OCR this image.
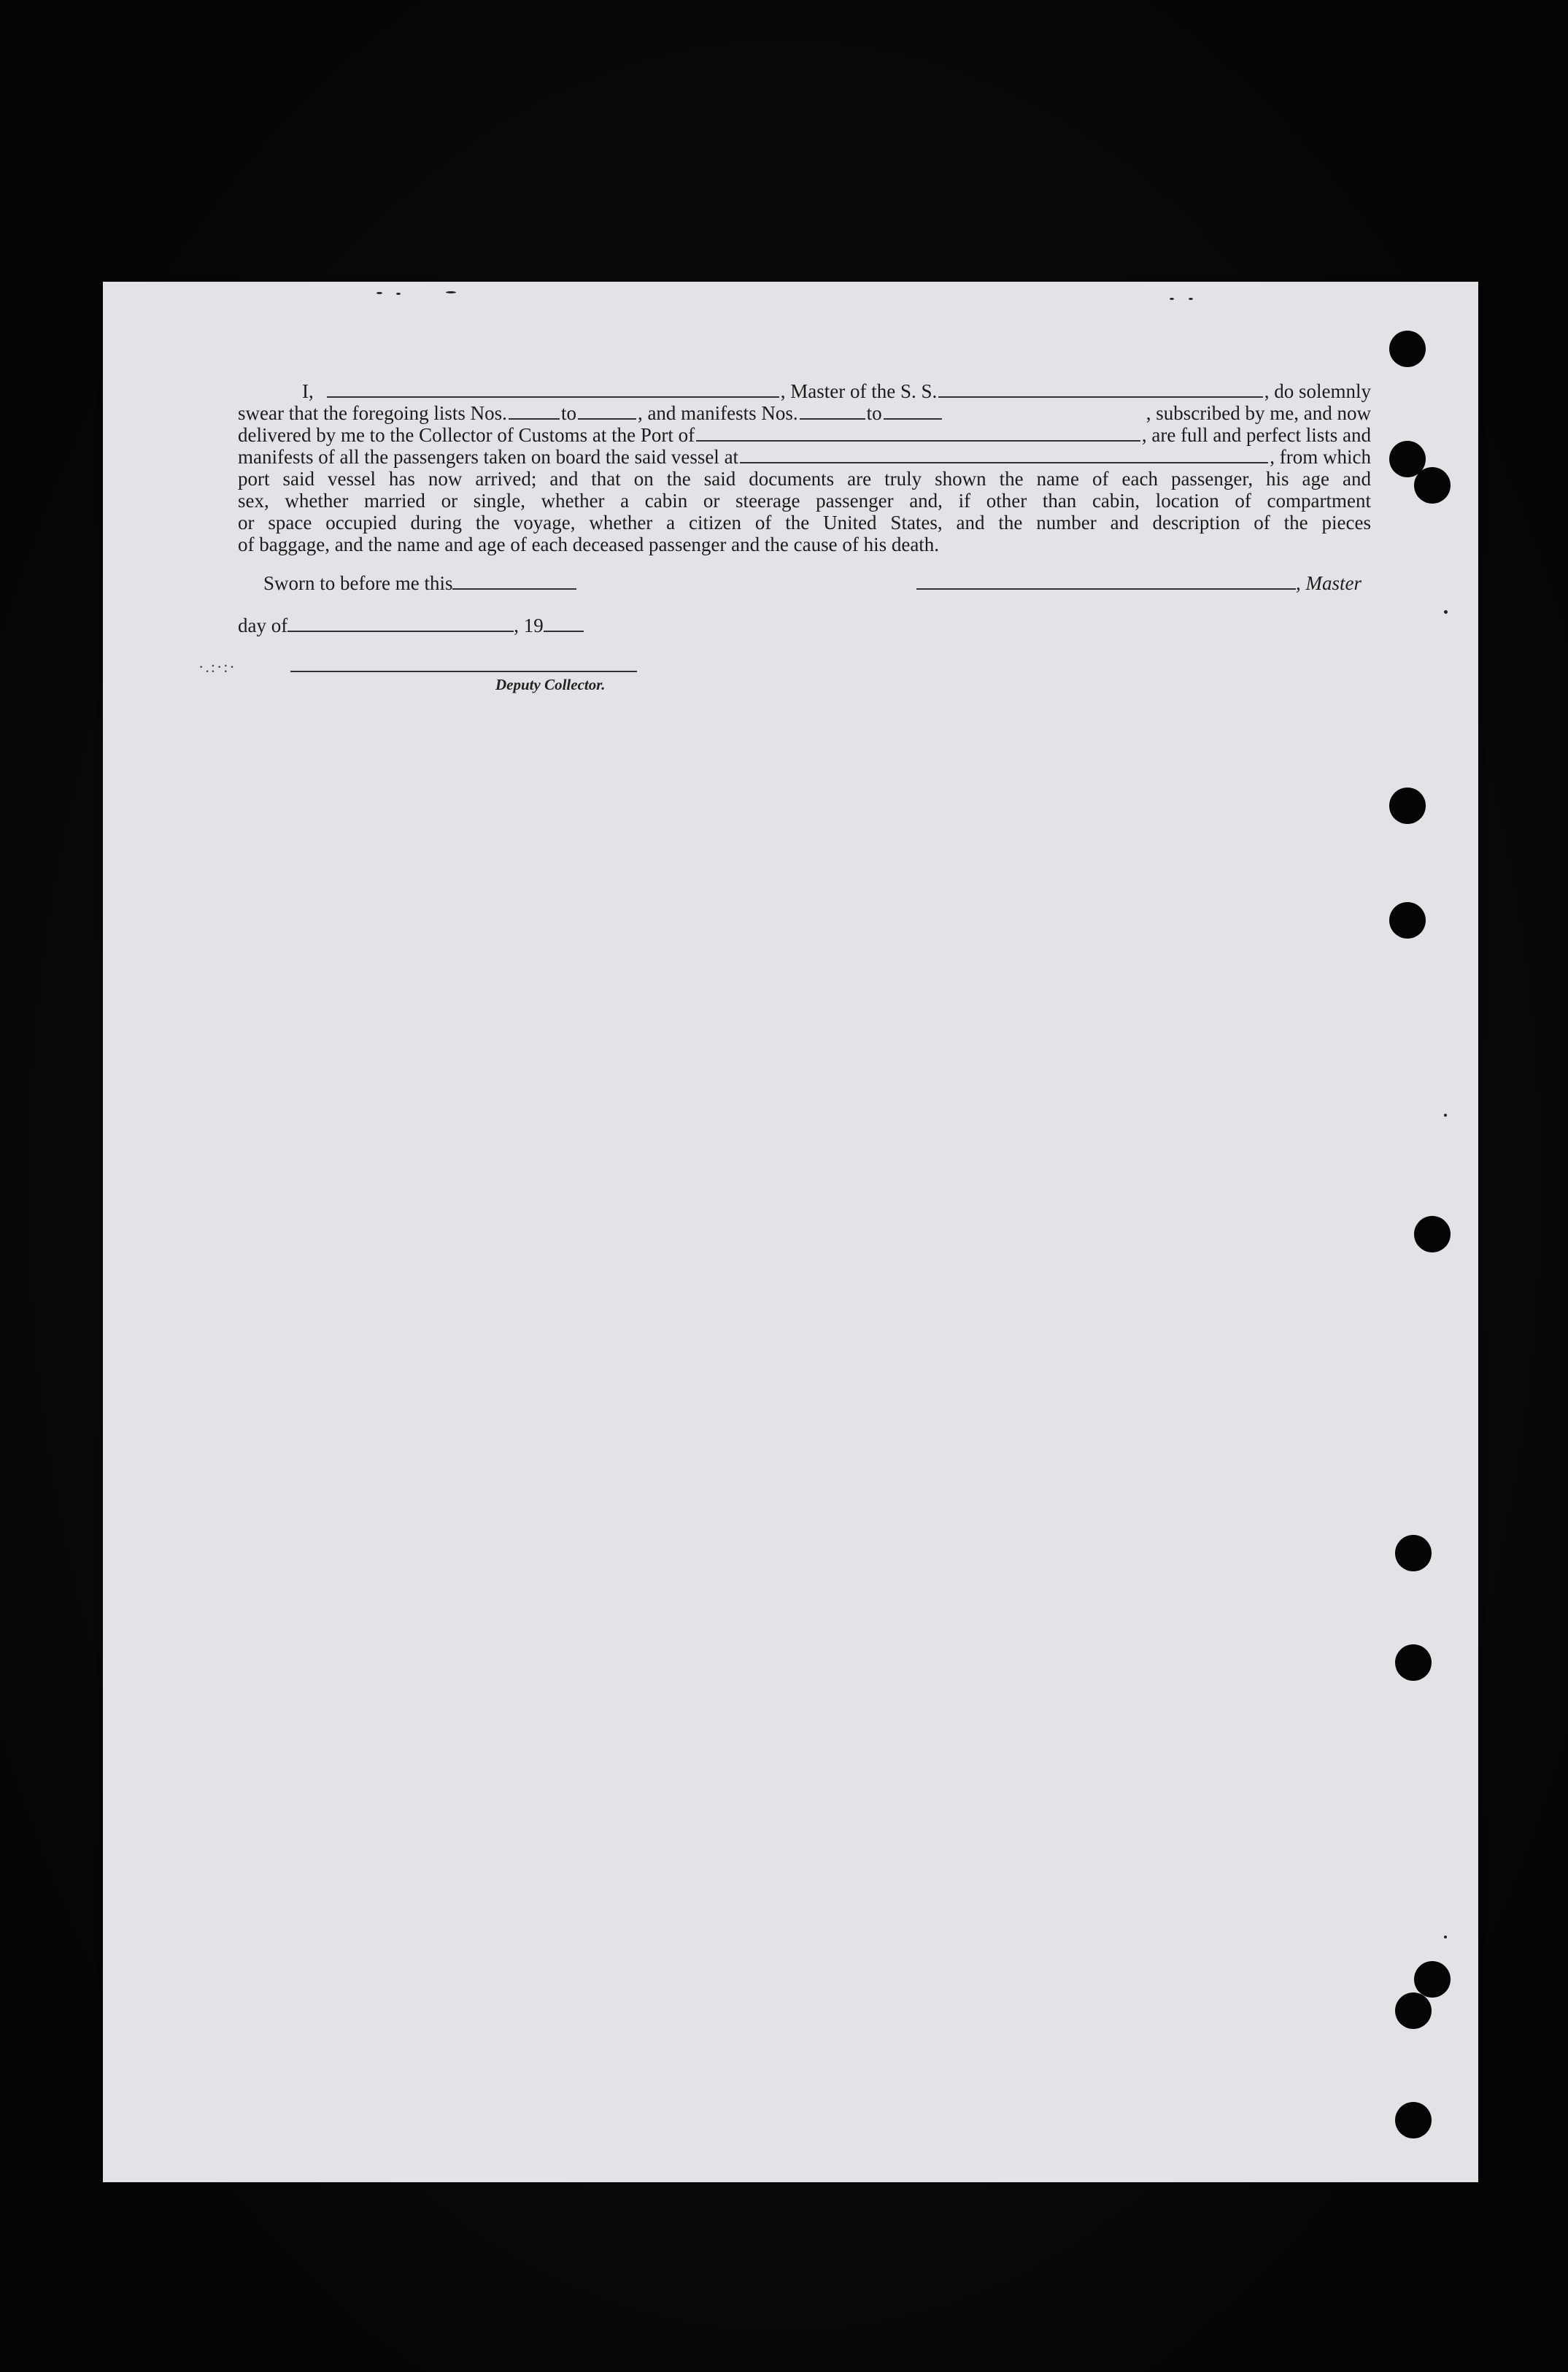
I,	, Master of the S. S.	, do solemnly
swear that the foregoing lists Nos.	to	, and manifests Nos.	to	, subscribed by me, and now
delivered by me to the Collector of Customs at the Port of	, are full and perfect lists and
manifests of all the passengers taken on board the said vessel at	, from which
port said vessel has now arrived; and that on the said documents are truly shown the name of each passenger, his age and
sex, whether married or single, whether a cabin or steerage passenger and, if other than cabin, location of compartment
or space occupied during the voyage, whether a citizen of the United States, and the number and description of the pieces
of baggage, and the name and age of each deceased passenger and the cause of his death.
Sworn to before me this	, Master
day of	, 19
·.:·:·
Deputy Collector.
